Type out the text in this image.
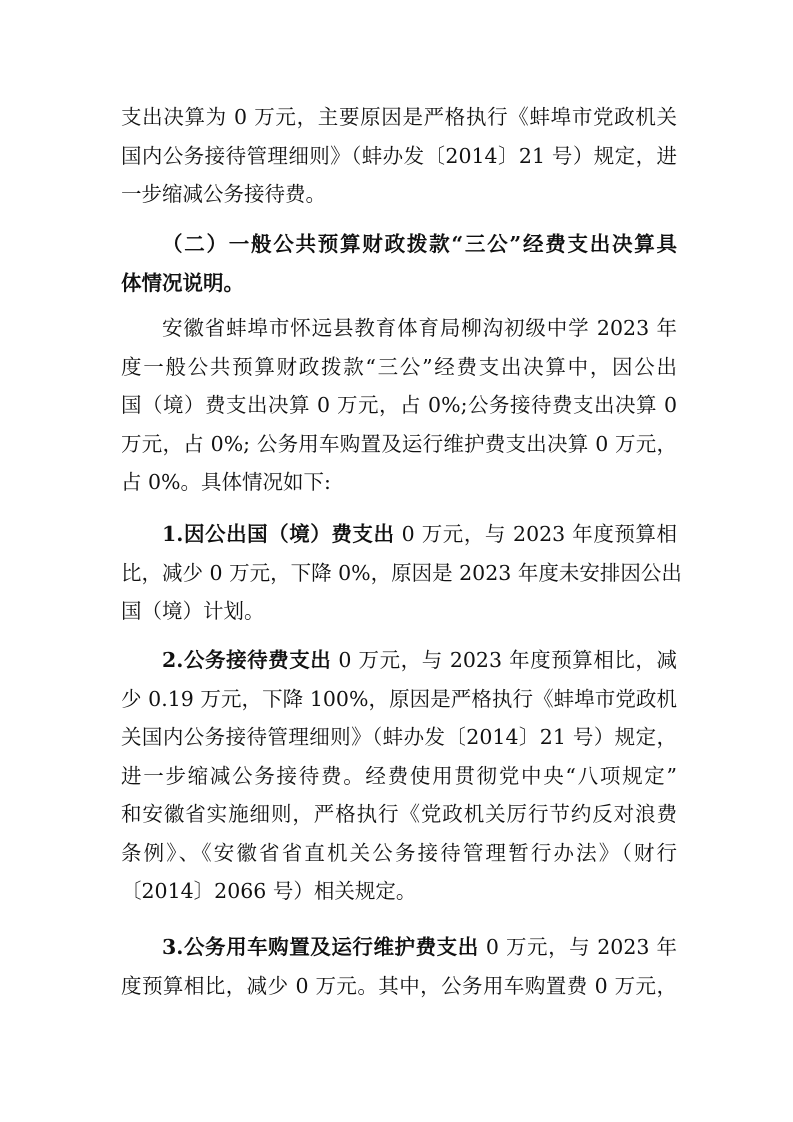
支出决算为 0 万元，主要原因是严格执行《蚌埠市党政机关
国内公务接待管理细则》（蚌办发〔2014〕21 号）规定，进
一步缩减公务接待费。
（二）一般公共预算财政拨款“三公”经费支出决算具
体情况说明。
安徽省蚌埠市怀远县教育体育局柳沟初级中学 2023 年
度一般公共预算财政拨款“三公”经费支出决算中，因公出
国（境）费支出决算 0 万元，占 0%;公务接待费支出决算 0
万元，占 0%; 公务用车购置及运行维护费支出决算 0 万元，
占 0%。具体情况如下:
1.因公出国（境）费支出 0 万元，与 2023 年度预算相
比，减少 0 万元，下降 0%，原因是 2023 年度未安排因公出
国（境）计划。
2.公务接待费支出 0 万元，与 2023 年度预算相比，减
少 0.19 万元，下降 100%，原因是严格执行《蚌埠市党政机
关国内公务接待管理细则》（蚌办发〔2014〕21 号）规定，
进一步缩减公务接待费。经费使用贯彻党中央“八项规定”
和安徽省实施细则，严格执行《党政机关厉行节约反对浪费
条例》、《安徽省省直机关公务接待管理暂行办法》（财行
〔2014〕2066 号）相关规定。
3.公务用车购置及运行维护费支出 0 万元，与 2023 年
度预算相比，减少 0 万元。其中，公务用车购置费 0 万元，
